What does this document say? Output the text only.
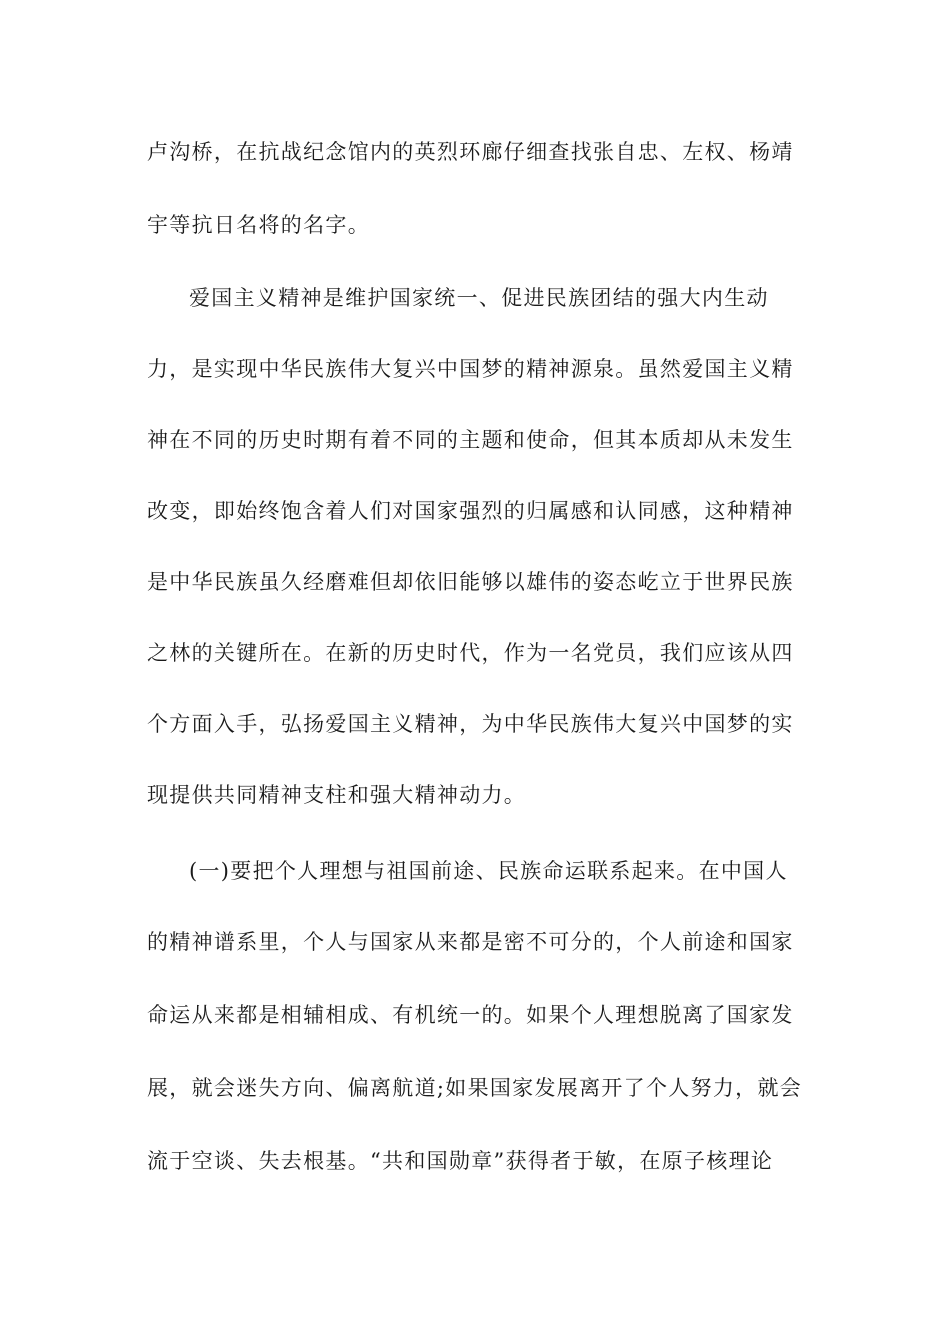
卢沟桥，在抗战纪念馆内的英烈环廊仔细查找张自忠、左权、杨靖
宇等抗日名将的名字。
爱国主义精神是维护国家统一、促进民族团结的强大内生动
力，是实现中华民族伟大复兴中国梦的精神源泉。虽然爱国主义精
神在不同的历史时期有着不同的主题和使命，但其本质却从未发生
改变，即始终饱含着人们对国家强烈的归属感和认同感，这种精神
是中华民族虽久经磨难但却依旧能够以雄伟的姿态屹立于世界民族
之林的关键所在。在新的历史时代，作为一名党员，我们应该从四
个方面入手，弘扬爱国主义精神，为中华民族伟大复兴中国梦的实
现提供共同精神支柱和强大精神动力。
(一)要把个人理想与祖国前途、民族命运联系起来。在中国人
的精神谱系里，个人与国家从来都是密不可分的，个人前途和国家
命运从来都是相辅相成、有机统一的。如果个人理想脱离了国家发
展，就会迷失方向、偏离航道;如果国家发展离开了个人努力，就会
流于空谈、失去根基。“共和国勋章”获得者于敏，在原子核理论
